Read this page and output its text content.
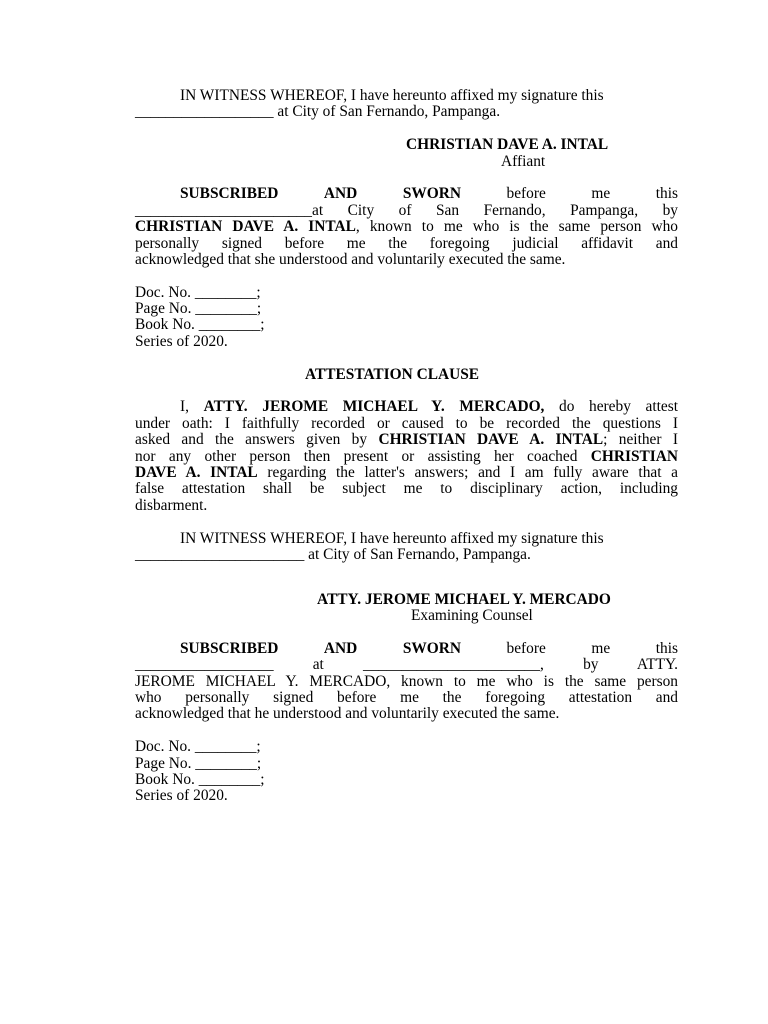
IN WITNESS WHEREOF, I have hereunto affixed my signature this
__________________ at City of San Fernando, Pampanga.
CHRISTIAN DAVE A. INTAL
Affiant
SUBSCRIBED	AND	SWORN	before	me	this
_______________________at City of San Fernando, Pampanga, by
CHRISTIAN DAVE A. INTAL, known to me who is the same person who
personally signed before me the foregoing judicial affidavit and
acknowledged that she understood and voluntarily executed the same.
Doc. No. ________;
Page No. ________;
Book No. ________;
Series of 2020.
ATTESTATION CLAUSE
I, ATTY. JEROME MICHAEL Y. MERCADO, do hereby attest
under oath: I faithfully recorded or caused to be recorded the questions I
asked and the answers given by CHRISTIAN DAVE A. INTAL; neither I
nor any other person then present or assisting her coached CHRISTIAN
DAVE A. INTAL regarding the latter's answers; and I am fully aware that a
false attestation shall be subject me to disciplinary action, including
disbarment.
IN WITNESS WHEREOF, I have hereunto affixed my signature this
______________________ at City of San Fernando, Pampanga.
ATTY. JEROME MICHAEL Y. MERCADO
Examining Counsel
SUBSCRIBED	AND	SWORN	before	me	this
__________________	at	_______________________,	by ATTY.
JEROME MICHAEL Y. MERCADO, known to me who is the same person
who personally signed before me the foregoing attestation and
acknowledged that he understood and voluntarily executed the same.
Doc. No. ________;
Page No. ________;
Book No. ________;
Series of 2020.
